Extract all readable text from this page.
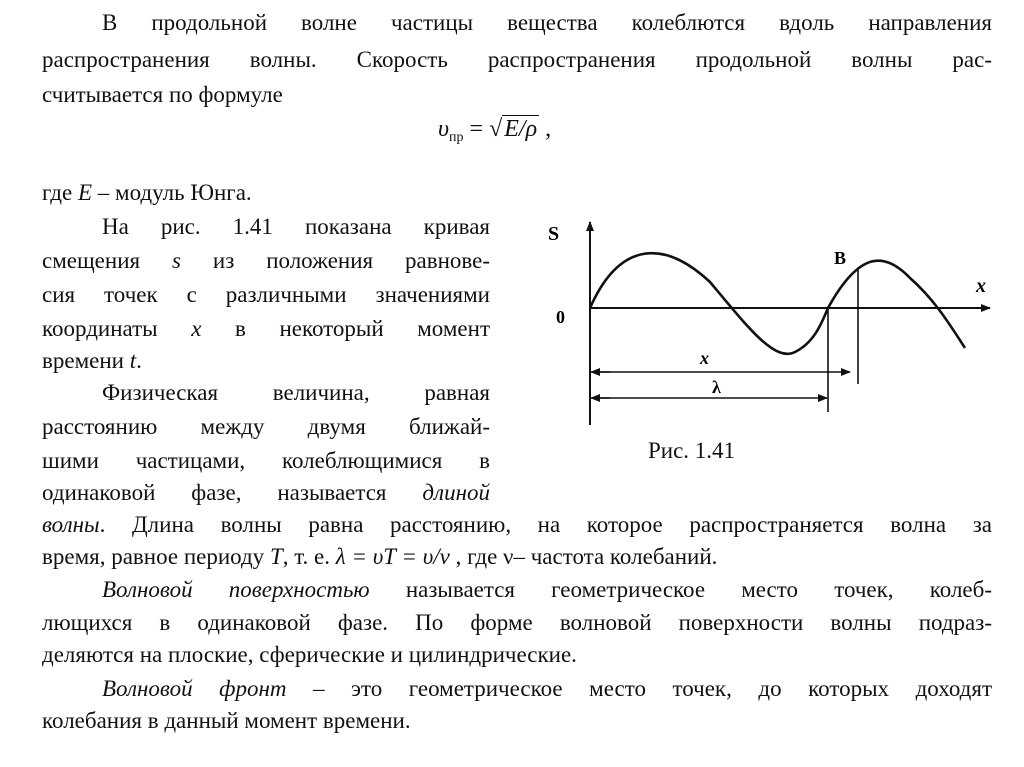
В продольной волне частицы вещества колеблются вдоль направления
распространения волны. Скорость распространения продольной волны рас-
считывается по формуле
$\upsilon_{пр} = √E/\rho$ ,
где E – модуль Юнга.
На рис. 1.41 показана кривая
смещения s из положения равнове-
сия точек с различными значениями
координаты x в некоторый момент
времени t.
Физическая величина, равная
расстоянию между двумя ближай-
шими частицами, колеблющимися в
одинаковой фазе, называется длиной
волны. Длина волны равна расстоянию, на которое распространяется волна за
время, равное периоду T, т. е. λ = υT = υ/ν , где ν– частота колебаний.
Волновой поверхностью называется геометрическое место точек, колеб-
лющихся в одинаковой фазе. По форме волновой поверхности волны подраз-
деляются на плоские, сферические и цилиндрические.
Волновой фронт – это геометрическое место точек, до которых доходят
колебания в данный момент времени.
S
x
0
B
x
λ
Рис. 1.41
